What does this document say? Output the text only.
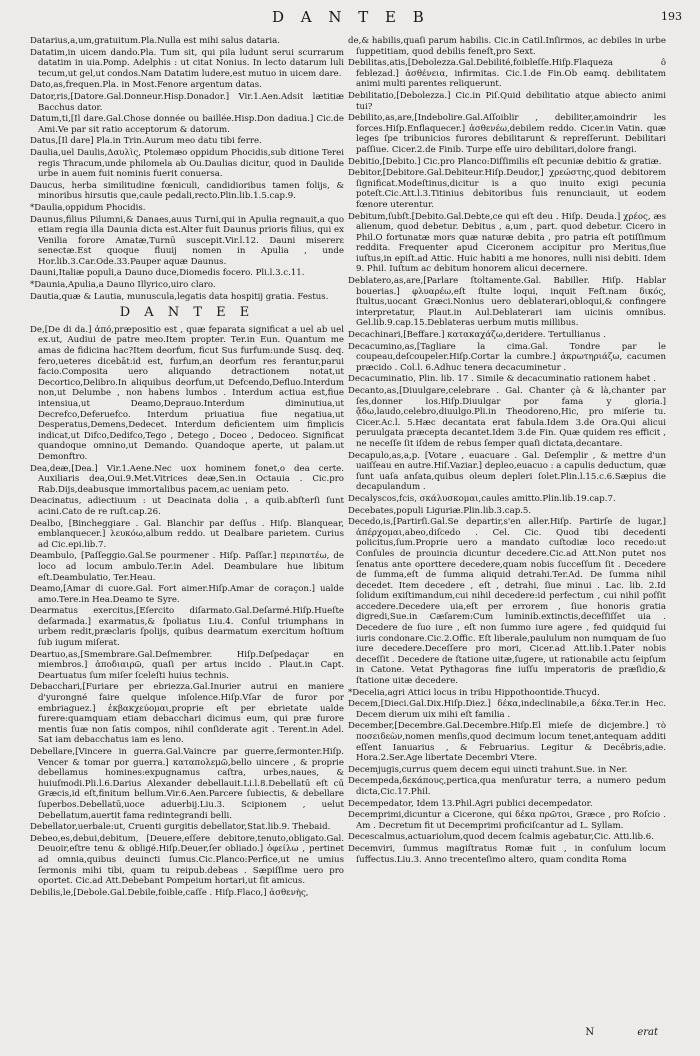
D A N T E B	193
Datarius,a,um,gratuitum.Pla.Nulla est mihi salus dataria.
Datatim,in uicem dando.Pla. Tum sit, qui pila ludunt serui scurrarum datatim in uia.Pomp. Adelphis : ut citat Nonius. In lecto datarum luli tecum,ut gel,ut condos.Nam Datatim ludere,est mutuo in uicem dare.
Dato,as,frequen.Pla. in Most.Fenore argentum datas.
Dator,ris,[Datore.Gal.Donneur.Hisp.Donador.] Vir.1.Aen.Adsit lætitiæ Bacchus dator.
Datum,ti,[Il dare.Gal.Chose donnée ou baillée.Hisp.Don dadiua.] Cic.de Ami.Ve par sit ratio acceptorum & datorum.
Datus,[Il dare] Pla.in Trin.Aurum meo datu tibi ferre.
Daulia,uel Daulis,Δαυλὶς, Ptolemæo oppidum Phocidis,sub ditione Terei regis Thracum,unde philomela ab Ou.Daulias dicitur, quod in Daulide urbe in auem fuit nominis fuerit conuersa.
Daucus, herba similitudine fœniculi, candidioribus tamen folijs, & minoribus hirsutis que,caule pedali,recto.Plin.lib.1.5.cap.9.
*Daulia,oppidum Phocidis.
Daunus,filius Pilumni,& Danaes,auus Turni,qui in Apulia regnauit,a quo etiam regia illa Daunia dicta est.Alter fuit Daunus prioris filius, qui ex Venilia forore Amatæ,Turnū suscepit.Vir.l.12. Dauni misererɛ senectæ.Est quoque fluuij nomen in Apulia , unde Hor.lib.3.Car.Ode.33.Pauper aquæ Daunus.
Dauni,Italiæ populi,a Dauno duce,Diomedis focero. Pli.l.3.c.11.
*Daunia,Apulia,a Dauno Illyrico,uiro claro.
Dautia,quæ & Lautia, munuscula,legatis data hospitij gratia. Festus.
D A N T E E
De,[De di da.] ἀπό,præpositio est , quæ feparata significat a uel ab uel ex.ut, Audiui de patre meo.Item propter. Ter.in Eun. Quantum me amas de fidicina hac?Item deorfum, ficut Sus furfum:unde Susq. deq. fero,ueteres dicebāt:id est, furfum,an deorfum res ferantur,parui facio.Composita uero aliquando detractionem notat,ut Decortico,Delibro.In aliquibus deorfum,ut Defcendo,Defluo.Interdum non,ut Delumbe , non habens lumbos . Interdum actiua est,fiue intensiua,ut Deamo,Deprauo.Interdum diminutiua,ut Decrefco,Deferuefco. Interdum priuatiua fiue negatiua,ut Desperatus,Demens,Dedecet. Interdum deficientem uim fimplicis indicat,ut Difco,Dedifco,Tego , Detego , Doceo , Dedoceo. Significat quandoque omnino,ut Demando. Quandoque aperte, ut palam.ut Demonftro.
Dea,deæ,[Dea.] Vir.1.Aene.Nec uox hominem fonet,o dea certe. Auxiliaris dea,Oui.9.Met.Vitrices deæ,Sen.in Octauia . Cic.pro Rab.Dijs,deabusque immortalibus pacem,ac ueniam peto.
Deacinatus, adiectiuum : ut Deacinata dolia , a quib.abſterſi ſunt acini.Cato de re ruſt.cap.26.
Dealbo, [Bincheggiare . Gal. Blanchir par deſſus . Hiſp. Blanquear, emblanquecer.] λευκόω,album reddo. ut Dealbare parietem. Curius ad Cic.epi.lib.7.
Deambulo, [Paſſeggio.Gal.Se pourmener . Hiſp. Paſſar.] περιπατέω, de loco ad locum ambulo.Ter.in Adel. Deambulare hue libitum eſt.Deambulatio, Ter.Heau.
Deamo,[Amar di cuore.Gal. Fort aimer.Hiſp.Amar de coraçon.] ualde amo.Tere.in Hea.Deamo te Syre.
Dearmatus exercitus,[Eſercito diſarmato.Gal.Deſarmé.Hiſp.Hueſte deſarmada.] exarmatus,& ſpoliatus Liu.4. Conſul triumphans in urbem redit,præclaris ſpolijs, quibus dearmatum exercitum hoſtium ſub iugum miſerat.
Deartuo,as,[Smembrare.Gal.Deſmembrer. Hiſp.Deſpedaçar en miembros.] ἀποδιαιρῶ, quaſi per artus incido . Plaut.in Capt. Deartuatus ſum miſer ſceleſti huius technis.
Debacchari,[Furiare per ebriezza.Gal.Inurier autrui en maniere d'yurongné faire quelque inſolence.Hiſp.Vſar de furor por embriaguez.] ἐκβακχεύομαι,proprie eſt per ebrietate ualde furere:quamquam etiam debacchari dicimus eum, qui præ furore mentis ſuæ non ſatis compos, nihil conſiderate agit . Terent.in Adel. Sat iam debacchatus iam es leno.
Debellare,[Vincere in guerra.Gal.Vaincre par guerre,ſermonter.Hiſp. Vencer & tomar por guerra.] καταπολεμῶ,bello uincere , & proprie debellamus homines:expugnamus caſtra, urbes,naues, & huiuſmodi.Pli.l.6.Darius Alexander debellauit.Li.l.8.Debellatū eſt cū Græcis,id eſt,finitum bellum.Vir.6.Aen.Parcere ſubiectis, & debellare ſuperbos.Debellatū,uoce aduerbij.Liu.3. Scipionem , uelut Debellatum,auertit fama redintegrandi belli.
Debellator,uerbale:ut, Cruenti gurgitis debellator,Stat.lib.9. Thebaid.
Debeo,es,debui,debitum, [Deuere,eſſere debitore,tenuto,obligato.Gal. Deuoir,eſtre tenu & obligé.Hiſp.Deuer,ſer obliado.] ὀφείλω , pertinet ad omnia,quibus deuincti ſumus.Cic.Planco:Perfice,ut ne umius ſermonis mihi tibi, quam tu reipub.debeas . Sæpiſſime uero pro oportet. Cic.ad Att.Debebant Pompeium hortari,ut ſit amicus.
Debilis,le,[Debole.Gal.Debile,foible,caſſe . Hiſp.Flaco,] ἀσθενὴς,
de,& habilis,quaſi parum habilis. Cic.in Catil.Inſirmos, ac debiles in urbe ſuppetitiam, quod debilis feneſt,pro Sext.
Debilitas,atis,[Debolezza.Gal.Debilité,foibleſſe.Hiſp.Flaqueza ô feblezad.] ἀσθένεια, infirmitas. Cic.1.de Fin.Ob eamq. debilitatem animi multi parentes reliquerunt.
Debilitatio,[Debolezza.] Cic.in Piſ.Quid debilitatio atque abiecto animi tui?
Debilito,as,are,[Indebolire.Gal.Aſſoiblir , debiliter,amoindrir les forces.Hiſp.Enflaquecer.] ἀσθενέω,debilem reddo. Cicer.in Vatin. quæ leges ſpe tribunicios furores debilitarunt & repreſſerunt. Debilitari paſſiue. Cicer.2.de Finib. Turpe eſſe uiro debilitari,dolore frangi.
Debitio,[Debito.] Cic.pro Planco:Diſſimilis eſt pecuniæ debitio & gratiæ.
Debitor,[Debitore.Gal.Debiteur.Hiſp.Deudor,] χρεώστης,quod debitorem ſignificat.Modeſtinus,dicitur is a quo inuito exigi pecunia poteſt.Cic.Att.l.3.Titinius debitoribus ſuis renunciauit, ut eodem fœnore uterentur.
Debitum,ſubſt.[Debito.Gal.Debte,ce qui eſt deu . Hiſp. Deuda.] χρέος, æs alienum, quod debetur. Debitus , a,um , part. quod debetur. Cicero in Phil.O fortunatæ mors quæ naturæ debita , pro patria eſt potiſſimum reddita. Frequenter apud Ciceronem accipitur pro Meritus,ſiue iuſtus,in epiſt.ad Attic. Huic habiti a me honores, nulli nisi debiti. Idem 9. Phil. Iuſtum ac debitum honorem alicui decernere.
Deblatero,as,are,[Parlare ſtoltamente.Gal. Babiller. Hiſp. Hablar bouerias.] φλυαρέω,eſt ſtulte loqui, inquit Feſt.nam δικός, ſtultus,uocant Græci.Nonius uero deblaterari,obloqui,& confingere interpretatur, Plaut.in Aul.Deblaterari iam uicinis omnibus. Gel.lib.9.cap.15.Deblateras uerbum mutis millibus.
Decachinari,[Beffare.] κατακαχάζω,deridere. Tertullianus .
Decacumino,as,[Tagliare la cima.Gal. Tondre par le coupeau,deſcoupeler.Hiſp.Cortar la cumbre.] ἀκρωτηριάζω, cacumen præcido . Col.l. 6.Adhuc tenera decacuminetur .
Decacuminatio, Plin. lib. 17 . Simile & decacuminatio rationem habet .
Decanto,as,[Diuulgare,celebrare . Gal. Chanter çà & là,chanter par ſes,donner los.Hiſp.Diuulgar por fama y gloria.] ᾄδω,laudo,celebro,diuulgo.Pli.in Theodoreno,Hic, pro miſerie tu. Cicer.Ac.l. 5.Hæc decantata erat fabula.Idem 3.de Ora.Qui alicui peruulgata præcepta decantet.Idem 3.de Fin. Quæ quidem res efficit , ne neceſſe ſit iſdem de rebus ſemper quaſi dictata,decantare.
Decapulo,as,a,p. [Votare , euacuare . Gal. Deſemplir , & mettre d'un uaiſſeau en autre.Hiſ.Vaziar.] depleo,euacuo : a capulis deductum, quæ ſunt uaſa anſata,quibus oleum depleri ſolet.Plin.l.15.c.6.Sæpius die decapulandum .
Decalyscos,fcis, σκάλυσκομαι,caules amitto.Plin.lib.19.cap.7.
Decebates,populi Liguriæ.Plin.lib.3.cap.5.
Decedo,is,[Partirſi.Gal.Se departir,s'en aller.Hiſp. Partirſe de lugar,] ἀπέρχομαι,abeo,diſcedo . Cel. Cic. Quod tibi decedenti policitus,ſum.Proprie uero a mandato cuſtodiæ loco recedo:ut Conſules de prouincia dicuntur decedere.Cic.ad Att.Non putet nos ſenatus ante oporttere decedere,quam nobis ſucceſſum ſit . Decedere de ſumma,eſt de ſumma aliquid detrahi.Ter.Ad. De ſumma nihil decedet. Item decedere , eſt , detrahi, ſiue minui . Lac. lib. 2.Id ſolidum exiſtimandum,cui nihil decedere:id perfectum , cui nihil poſſit accedere.Decedere uia,eſt per errorem , ſiue honoris gratia digredi,Sue.in Cæſarem:Cum luminib.extinctis,deceſſiſſet uia . Decedere de ſuo iure , eſt non ſummo iure agere , fed quidquid ſui iuris condonare.Cic.2.Offic. Eſt liberale,paululum non numquam de ſuo iure decedere.Deceſſere pro mori, Cicer.ad Att.lib.1.Pater nobis deceſſit . Decedere de ſtatione uitæ,ſugere, ut rationabile actu ſeipſum in Catone. Vetat Pythagoras fine iuſſu imperatoris de præſidio,& ſtatione uitæ decedere.
*Decelia,agri Attici locus in tribu Hippothoontide.Thucyd.
Decem,[Dieci.Gal.Dix.Hiſp.Diez.] δέκα,indeclinabile,a δέκα.Ter.in Hec. Decem dierum uix mihi eſt familia .
December,[Decembre.Gal.Decembre.Hiſp.El mieſe de dicjembre.] τὸ ποσειδεὼν,nomen menſis,quod decimum locum tenet,antequam additi eſſent Ianuarius , & Februarius. Legitur & Decēbris,adie. Hora.2.Ser.Age libertate Decembri Vtere.
Decemjugis,currus quem decem equi uincti trahunt.Sue. in Ner.
Decempeda,δεκάπους,pertica,qua menſuratur terra, a numero pedum dicta,Cic.17.Phil.
Decempedator, Idem 13.Phil.Agri publici decempedator.
Decemprimi,dicuntur a Cicerone, qui δέκα πρῶτοι, Græce , pro Roſcio . Am . Decretum fit ut Decemprimi proficiſcantur ad L. Syllam.
Decescalmus,actuariolum,quod decem ſcalmis agebatur,Cic. Atti.lib.6.
Decemviri, ſummus magiſtratus Romæ fuit , in conſulum locum ſuffectus.Liu.3. Anno trecenteſimo altero, quam condita Roma
N	erat
